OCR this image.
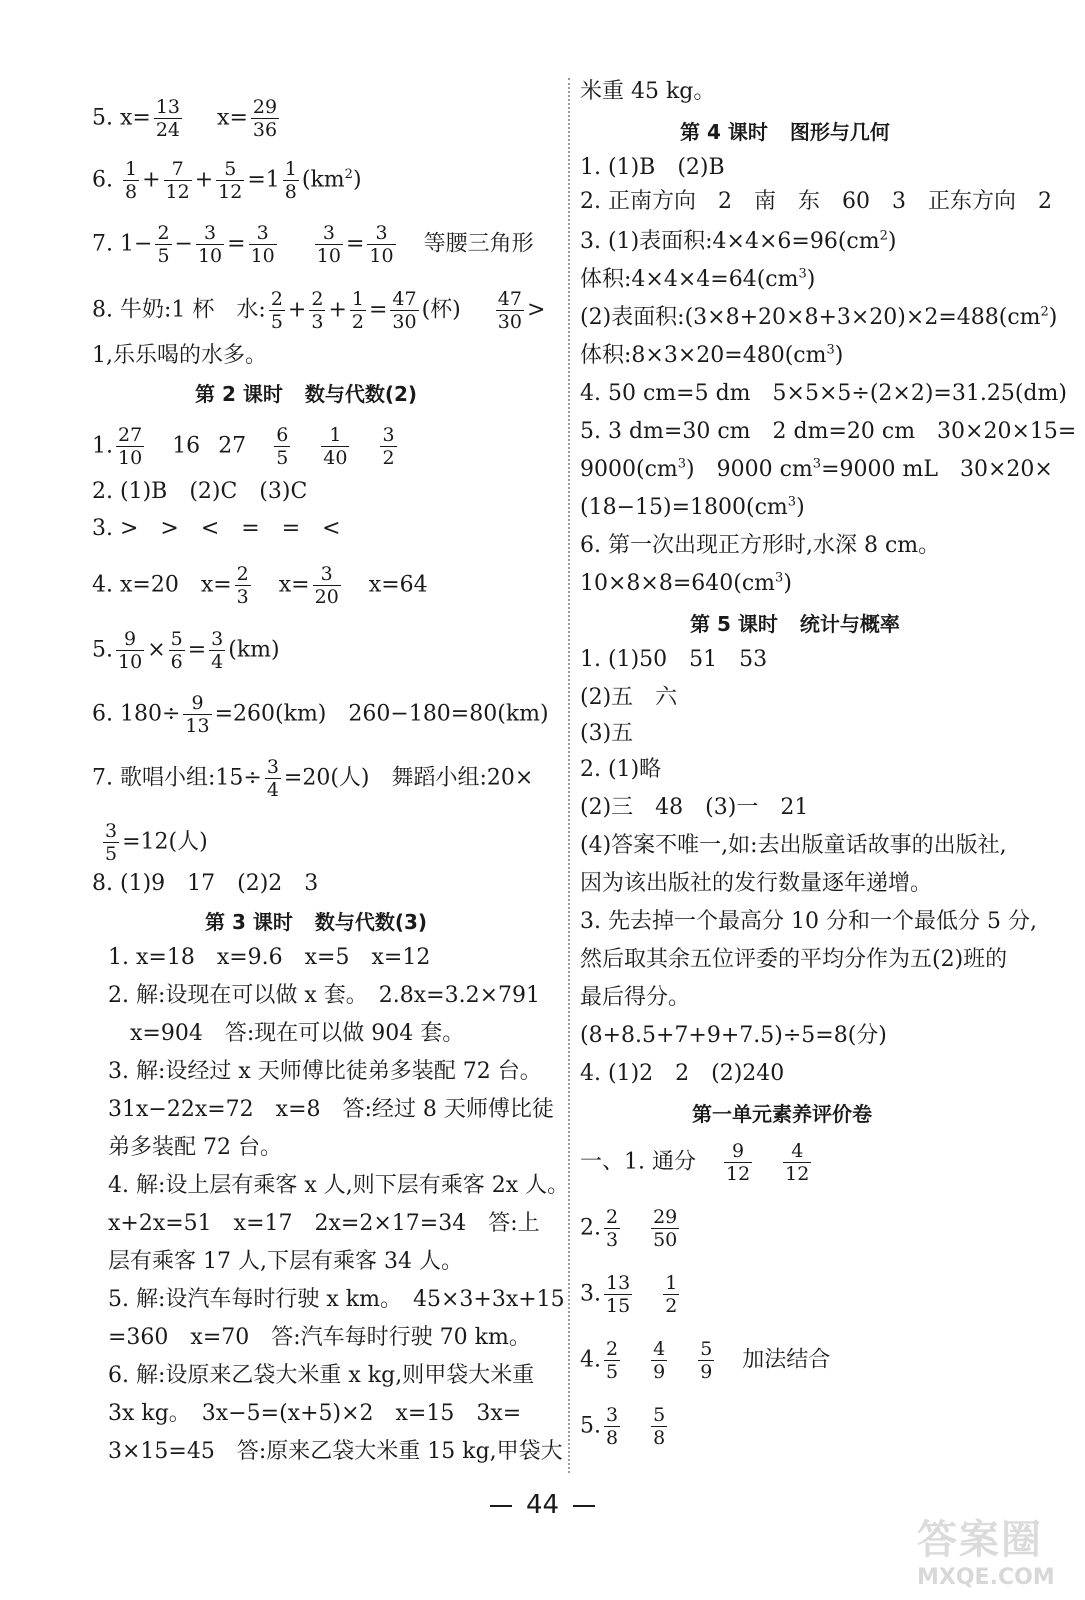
5. $x= \frac{13}{24} x= \frac{29}{36}$
6. $\frac{1}{8} + \frac{7}{12} + \frac{5}{12} =1 \frac{1}{8} (km^2)$
7. $1- \frac{2}{5} - \frac{3}{10} = \frac{3}{10}$
$\frac{3}{10} = \frac{3}{10}$ 等腰三角形
8. 牛奶:1 杯　水: $\frac{2}{5} + \frac{2}{3} + \frac{1}{2} = \frac{47}{30}$ (杯) $\frac{47}{30}$ >
1,乐乐喝的水多。
第 2 课时 数与代数(2)
1. $\frac{27}{10} 16$ $27 \frac{6}{5}$
$\frac{1}{40}$
$\frac{3}{2}$
2. (1)B　(2)C　(3)C
3. >　>　<　=　=　<
4. x=20　$x= \frac{2}{3} x= \frac{3}{20} x=64$
5. $\frac{9}{10} \times \frac{5}{6} = \frac{3}{4} (km)$
6. $180\div \frac{9}{13} =260(km)$　260−180=80(km)
7. 歌唱小组:15÷ $\frac{3}{4} =20$(人)　舞蹈小组:20×
$\frac{3}{5} =12$(人)
8. (1)9　17　(2)2　3
第 3 课时 数与代数(3)
1. x=18　x=9.6　x=5　x=12
2. 解:设现在可以做 x 套。　2.8x=3.2×791
　x=904　答:现在可以做 904 套。
3. 解:设经过 x 天师傅比徒弟多装配 72 台。
31x−22x=72　x=8　答:经过 8 天师傅比徒
弟多装配 72 台。
4. 解:设上层有乘客 x 人,则下层有乘客 2x 人。
x+2x=51　x=17　2x=2×17=34　答:上
层有乘客 17 人,下层有乘客 34 人。
5. 解:设汽车每时行驶 x km。　45×3+3x+15
=360　x=70　答:汽车每时行驶 70 km。
6. 解:设原来乙袋大米重 x kg,则甲袋大米重
3x kg。　3x−5=(x+5)×2　x=15　3x=
3×15=45　答:原来乙袋大米重 15 kg,甲袋大
米重 45 kg。
第 4 课时 图形与几何
1. (1)B　(2)B
2. 正南方向　2　南　东　60　3　正东方向　2
3. (1)表面积$:4\times 4\times 6=96(cm^2)$
体积$:4\times 4\times 4=64(cm^3)$
(2)表面积$:(3\times 8+20\times 8+3\times 20)\times 2=488(cm^2)$
体积$:8\times 3\times 20=480(cm^3)$
4. 50 cm=5 dm　5×5×5÷(2×2)=31.25(dm)
5. 3 dm=30 cm　2 dm=20 cm　30×20×15=
$9000(cm^3)$　9000 $cm^3=9000$ mL　30×20×
$(18-15)=1800(cm^3)$
6. 第一次出现正方形时,水深 8 cm。
$10\times 8\times 8=640(cm^3)$
第 5 课时 统计与概率
1. (1)50　51　53
(2)五　六
(3)五
2. (1)略
(2)三　48　(3)一　21
(4)答案不唯一,如:去出版童话故事的出版社,
因为该出版社的发行数量逐年递增。
3. 先去掉一个最高分 10 分和一个最低分 5 分,
然后取其余五位评委的平均分作为五(2)班的
最后得分。
(8+8.5+7+9+7.5)÷5=8(分)
4. (1)2　2　(2)240
第一单元素养评价卷
一、1. 通分 $\frac{9}{12}$
$\frac{4}{12}$
2. $\frac{2}{3}$
$\frac{29}{50}$
3. $\frac{13}{15}$
$\frac{1}{2}$
4. $\frac{2}{5}$
$\frac{4}{9}$
$\frac{5}{9}$ 加法结合
5. $\frac{3}{8}$
$\frac{5}{8}$
44
答案圈
MXQE.COM
